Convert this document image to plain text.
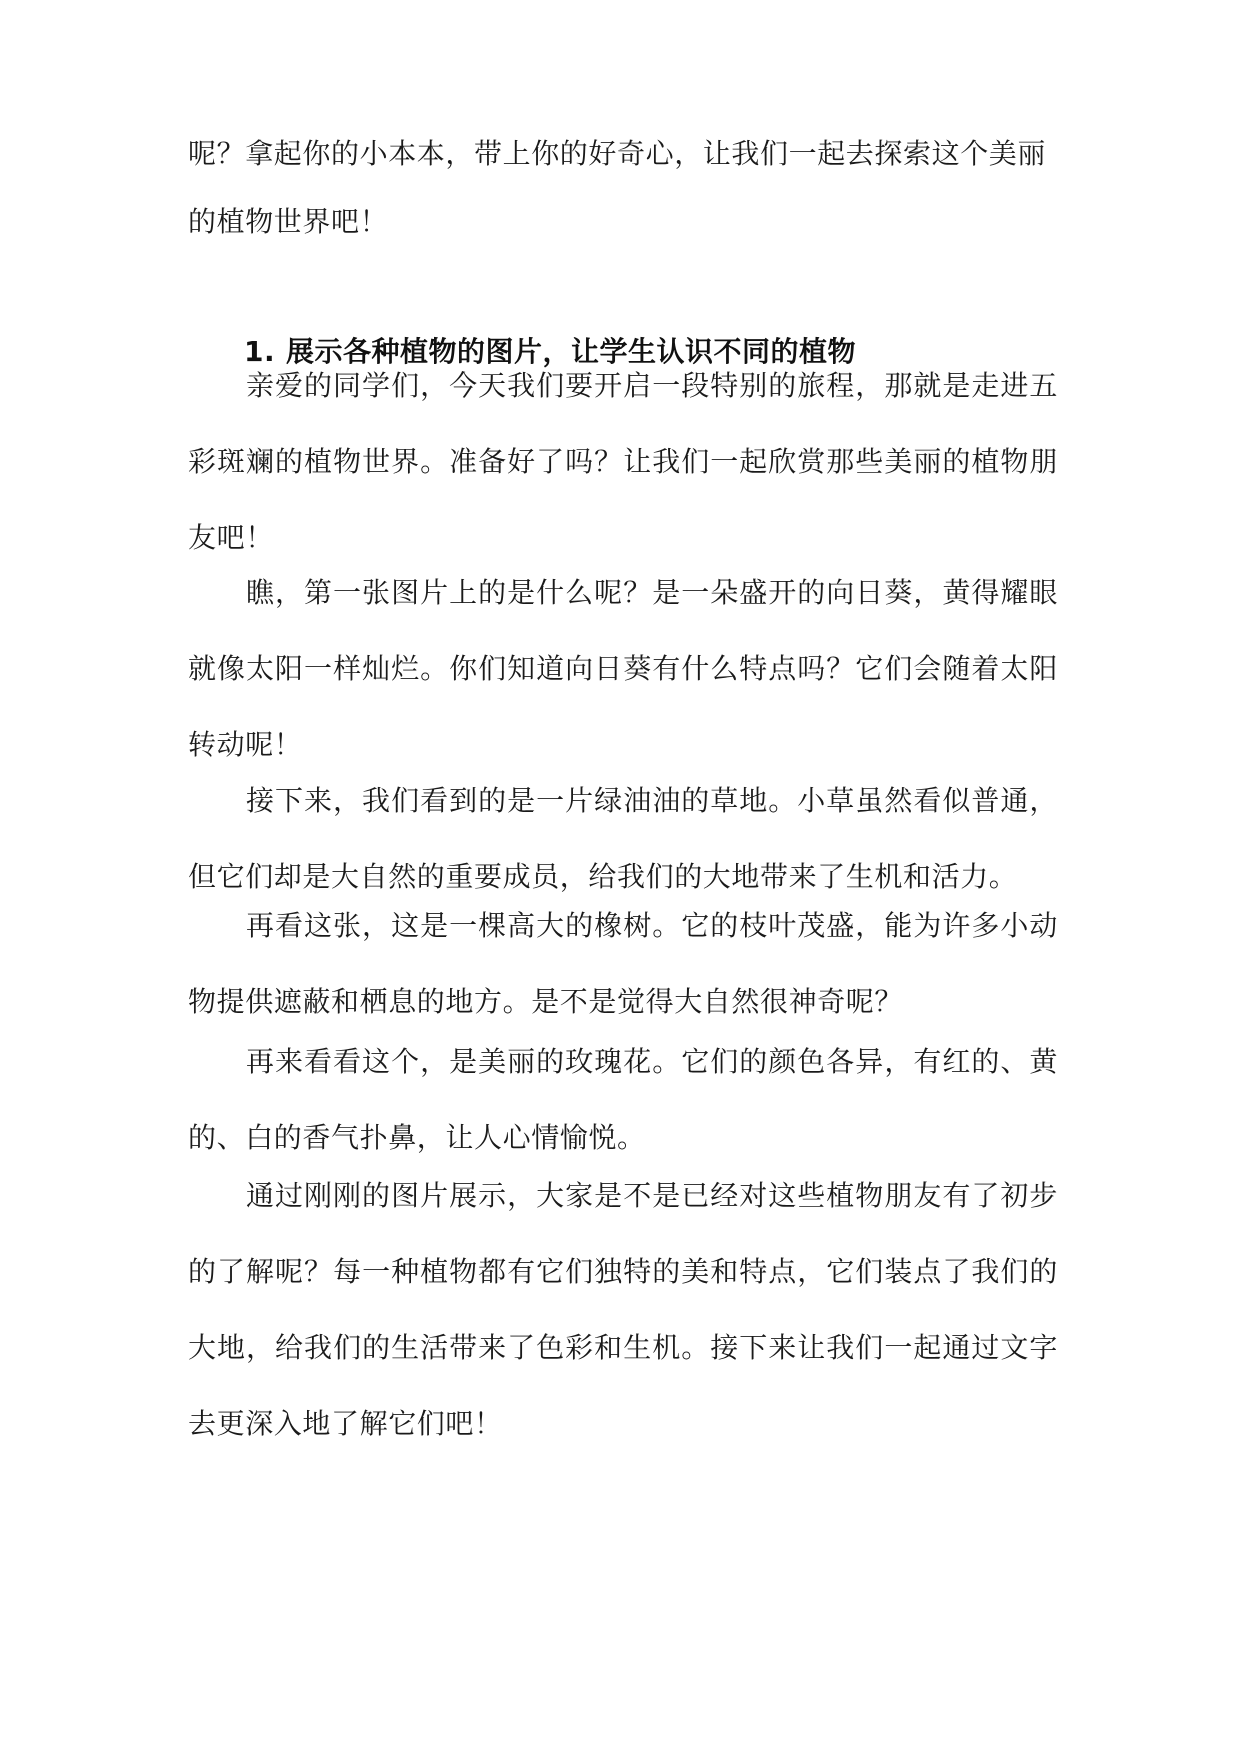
呢？拿起你的小本本，带上你的好奇心，让我们一起去探索这个美丽

的植物世界吧！

1. 展示各种植物的图片，让学生认识不同的植物

亲爱的同学们，今天我们要开启一段特别的旅程，那就是走进五彩斑斓的植物世界。准备好了吗？让我们一起欣赏那些美丽的植物朋友吧！

瞧，第一张图片上的是什么呢？是一朵盛开的向日葵，黄得耀眼就像太阳一样灿烂。你们知道向日葵有什么特点吗？它们会随着太阳转动呢！

接下来，我们看到的是一片绿油油的草地。小草虽然看似普通，但它们却是大自然的重要成员，给我们的大地带来了生机和活力。

再看这张，这是一棵高大的橡树。它的枝叶茂盛，能为许多小动物提供遮蔽和栖息的地方。是不是觉得大自然很神奇呢？

再来看看这个，是美丽的玫瑰花。它们的颜色各异，有红的、黄的、白的香气扑鼻，让人心情愉悦。

通过刚刚的图片展示，大家是不是已经对这些植物朋友有了初步的了解呢？每一种植物都有它们独特的美和特点，它们装点了我们的大地，给我们的生活带来了色彩和生机。接下来让我们一起通过文字去更深入地了解它们吧！
